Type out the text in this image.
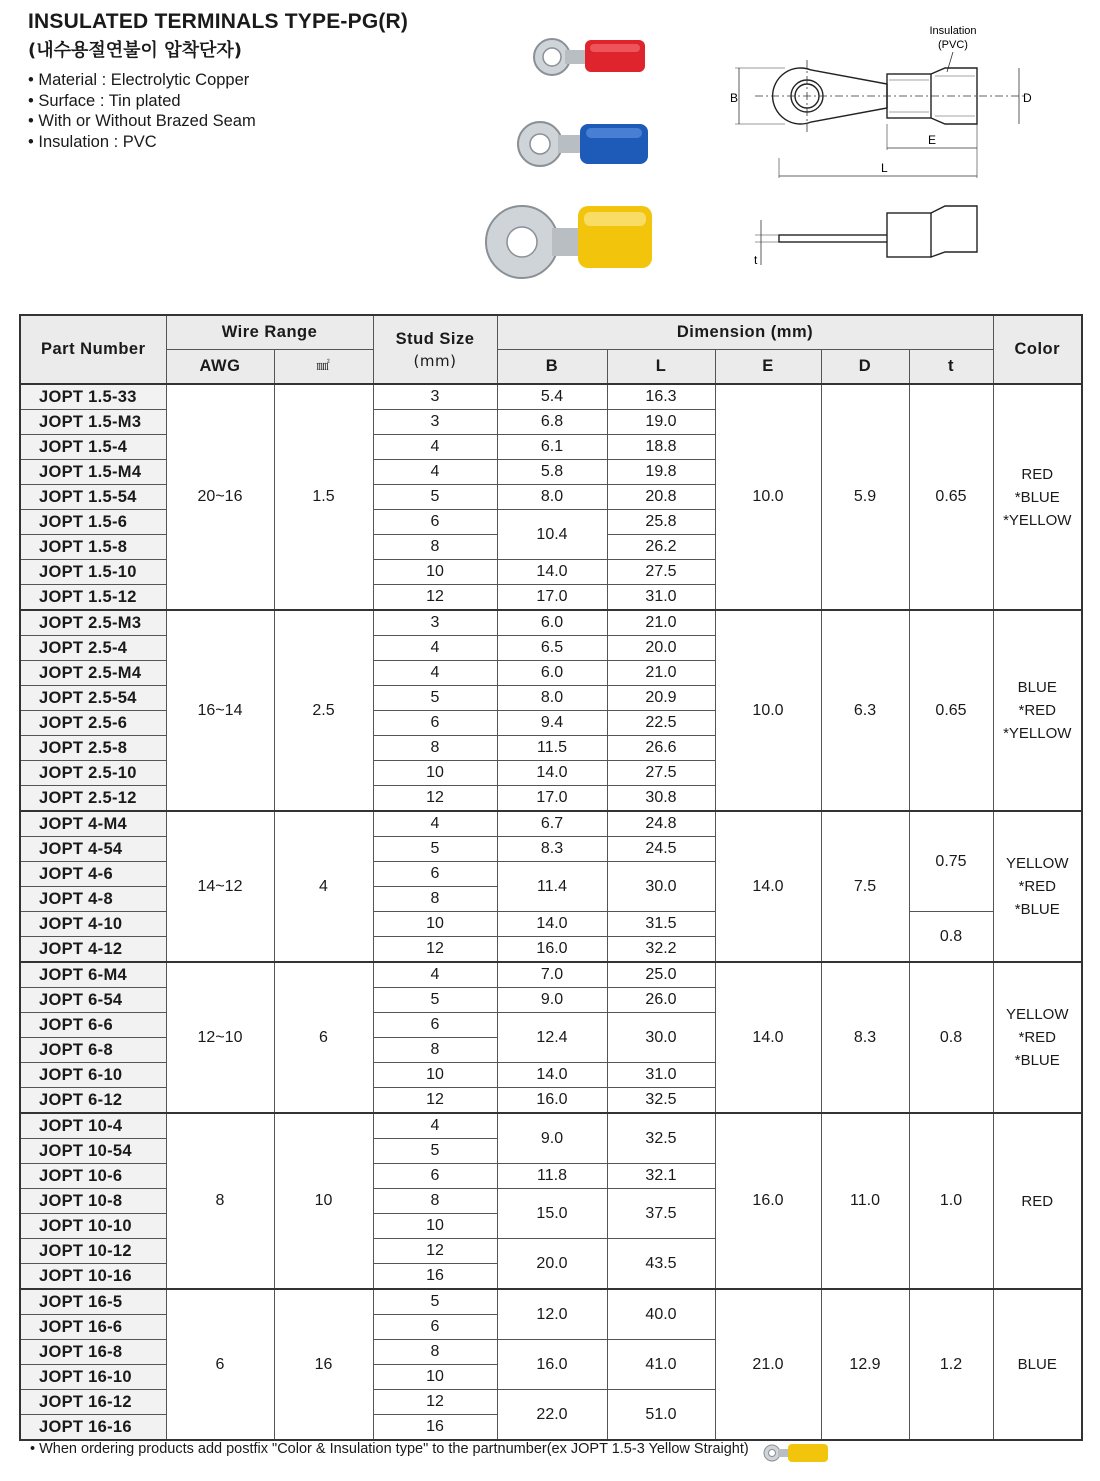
INSULATED TERMINALS TYPE-PG(R)
(내수용절연불이 압착단자)
• Material : Electrolytic Copper
• Surface : Tin plated
• With or Without Brazed Seam
• Insulation : PVC
Insulation
(PVC)
B	D
E
L
t
Part Number	Wire Range		Stud Size
(mm)	Dimension (mm)					Color
	AWG	㎟		B	L	E	D	t	
JOPT 1.5-33	20~16	1.5	3	5.4	16.3	10.0	5.9	0.65	RED
*BLUE
*YELLOW
JOPT 1.5-M3			3	6.8	19.0				
JOPT 1.5-4			4	6.1	18.8				
JOPT 1.5-M4			4	5.8	19.8				
JOPT 1.5-54			5	8.0	20.8				
JOPT 1.5-6			6	10.4	25.8				
JOPT 1.5-8			8		26.2				
JOPT 1.5-10			10	14.0	27.5				
JOPT 1.5-12			12	17.0	31.0				
JOPT 2.5-M3	16~14	2.5	3	6.0	21.0	10.0	6.3	0.65	BLUE
*RED
*YELLOW
JOPT 2.5-4			4	6.5	20.0				
JOPT 2.5-M4			4	6.0	21.0				
JOPT 2.5-54			5	8.0	20.9				
JOPT 2.5-6			6	9.4	22.5				
JOPT 2.5-8			8	11.5	26.6				
JOPT 2.5-10			10	14.0	27.5				
JOPT 2.5-12			12	17.0	30.8				
JOPT 4-M4	14~12	4	4	6.7	24.8	14.0	7.5	0.75	YELLOW
*RED
*BLUE
JOPT 4-54			5	8.3	24.5				
JOPT 4-6			6	11.4	30.0				
JOPT 4-8			8						
JOPT 4-10			10	14.0	31.5			0.8	
JOPT 4-12			12	16.0	32.2				
JOPT 6-M4	12~10	6	4	7.0	25.0	14.0	8.3	0.8	YELLOW
*RED
*BLUE
JOPT 6-54			5	9.0	26.0				
JOPT 6-6			6	12.4	30.0				
JOPT 6-8			8						
JOPT 6-10			10	14.0	31.0				
JOPT 6-12			12	16.0	32.5				
JOPT 10-4	8	10	4	9.0	32.5	16.0	11.0	1.0	RED
JOPT 10-54			5						
JOPT 10-6			6	11.8	32.1				
JOPT 10-8			8	15.0	37.5				
JOPT 10-10			10						
JOPT 10-12			12	20.0	43.5				
JOPT 10-16			16						
JOPT 16-5	6	16	5	12.0	40.0	21.0	12.9	1.2	BLUE
JOPT 16-6			6						
JOPT 16-8			8	16.0	41.0				
JOPT 16-10			10						
JOPT 16-12			12	22.0	51.0				
JOPT 16-16			16						
• When ordering products add postfix "Color & Insulation type" to the partnumber(ex JOPT 1.5-3 Yellow Straight)
